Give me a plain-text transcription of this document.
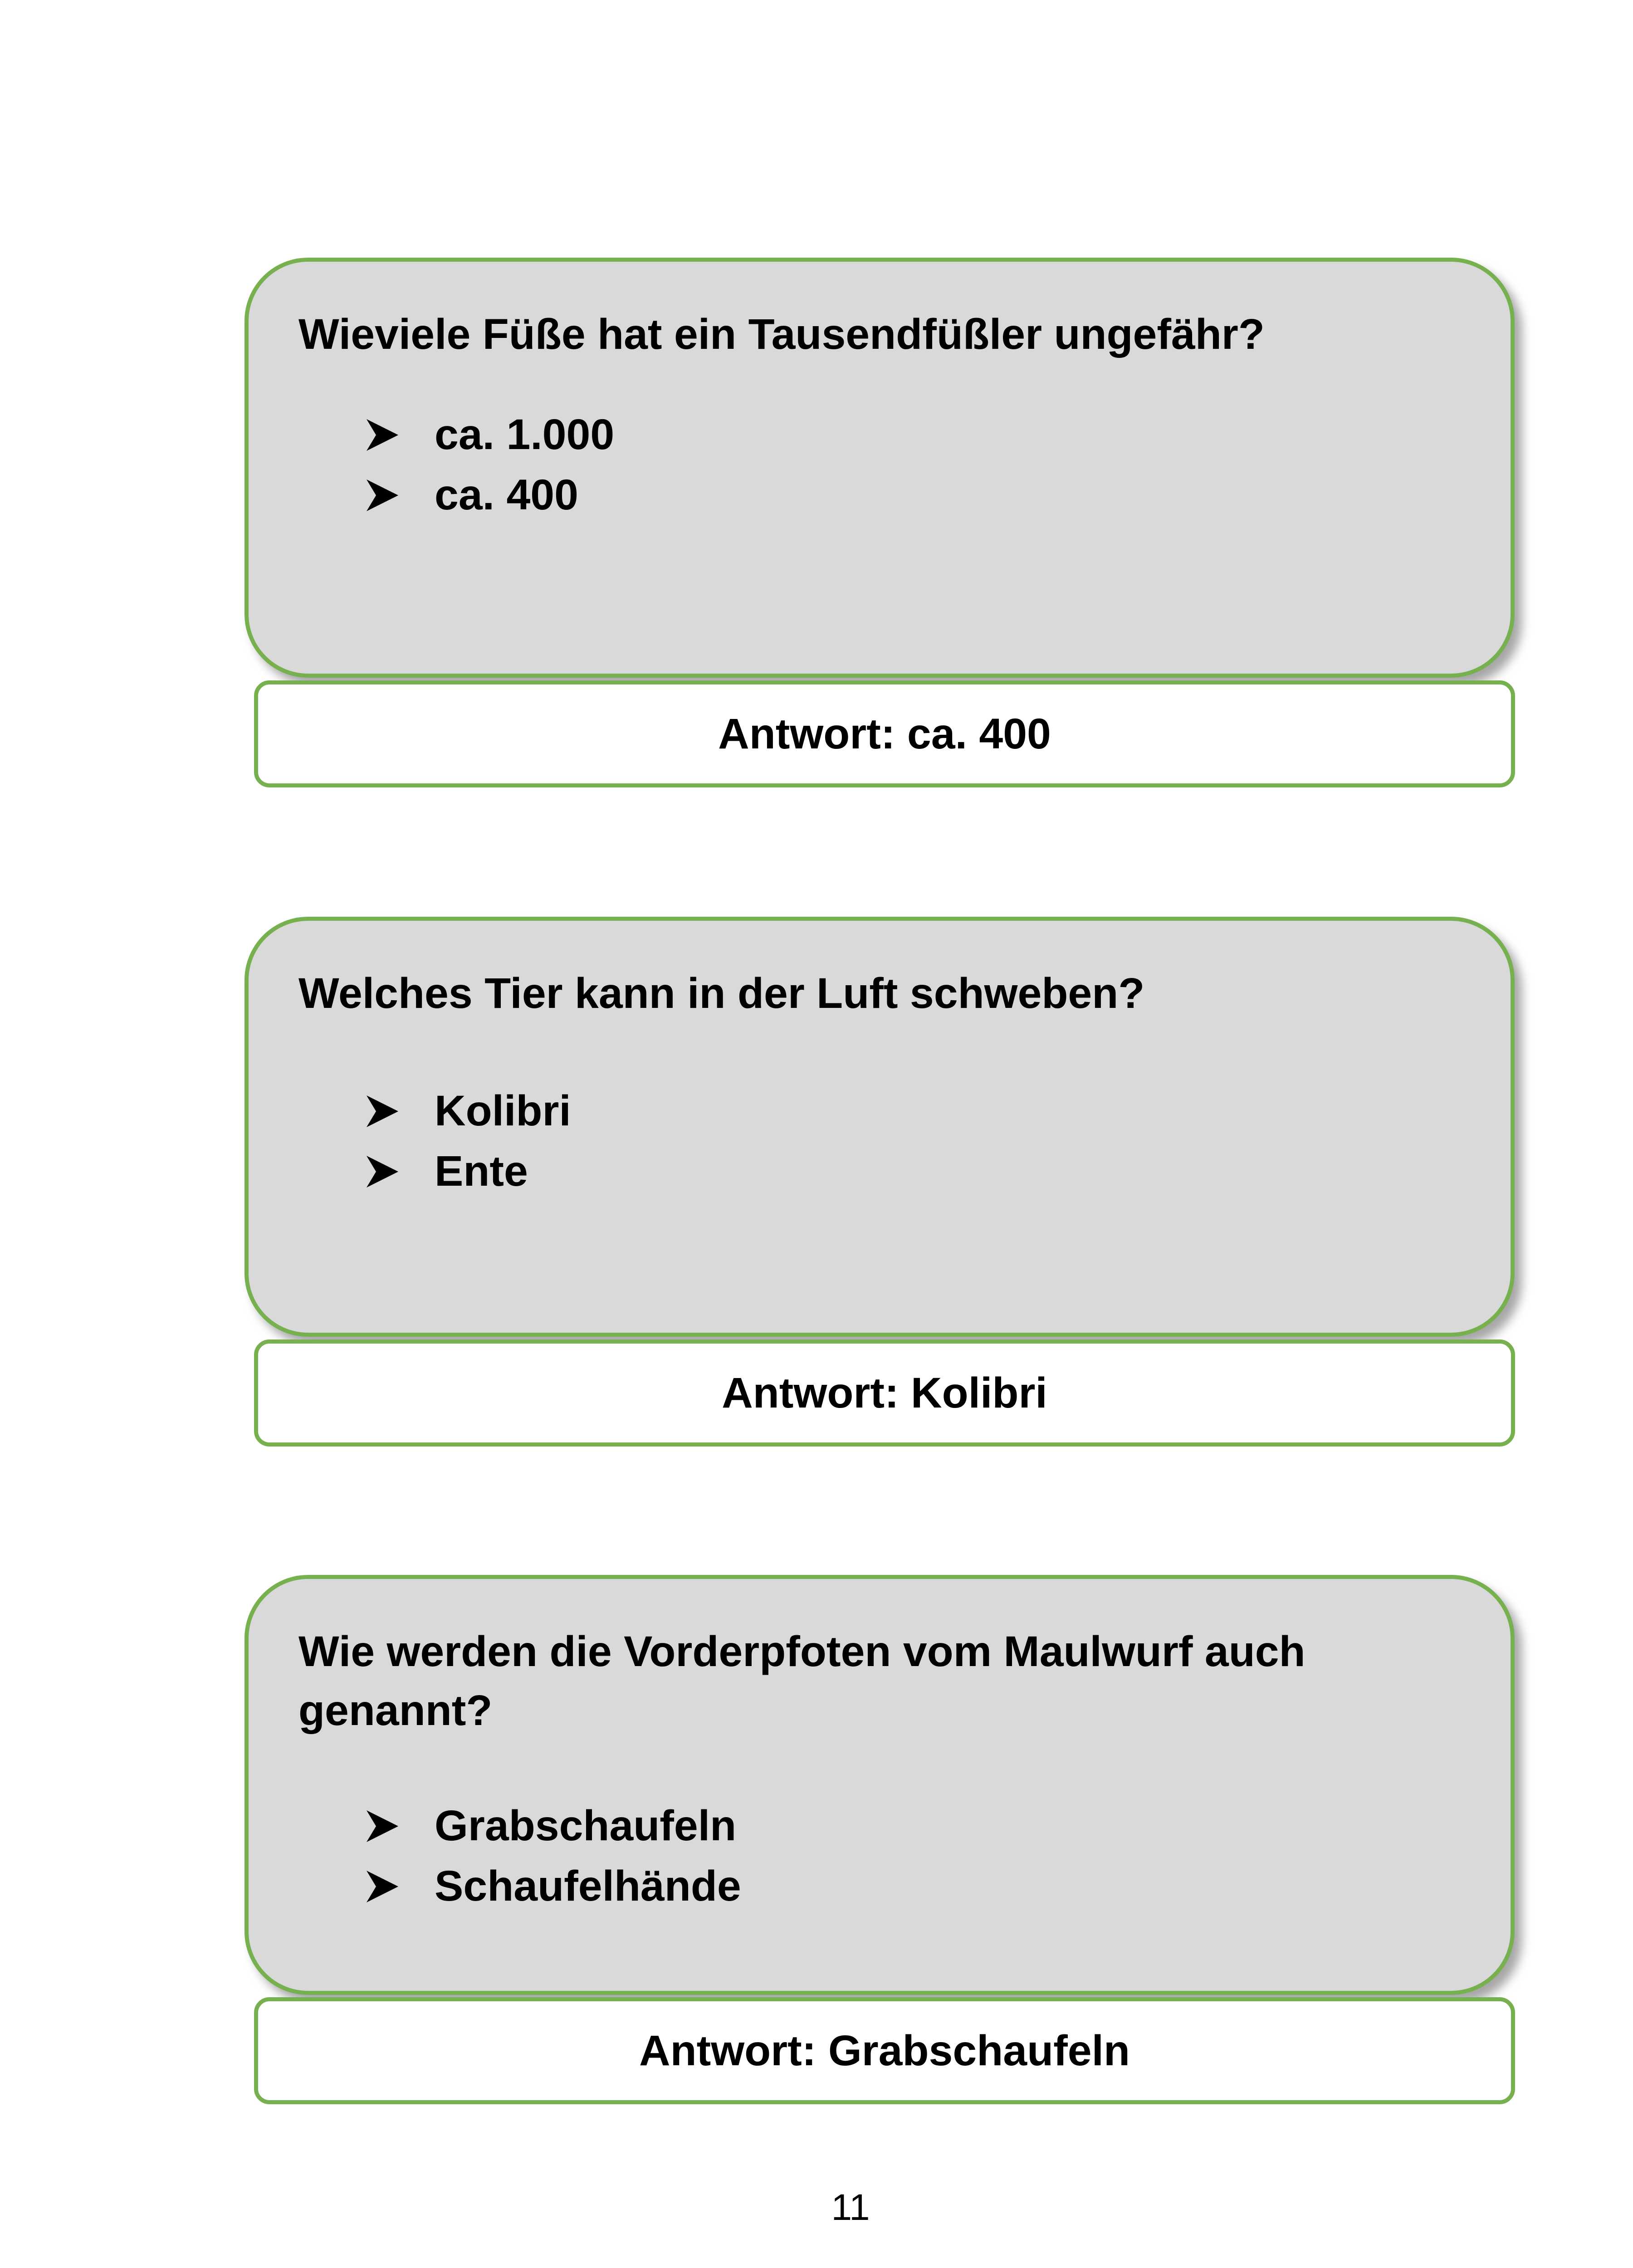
Wieviele Füße hat ein Tausendfüßler ungefähr?
ca. 1.000
ca. 400
Antwort: ca. 400
Welches Tier kann in der Luft schweben?
Kolibri
Ente
Antwort: Kolibri
Wie werden die Vorderpfoten vom Maulwurf auch genannt?
Grabschaufeln
Schaufelhände
Antwort: Grabschaufeln
11
